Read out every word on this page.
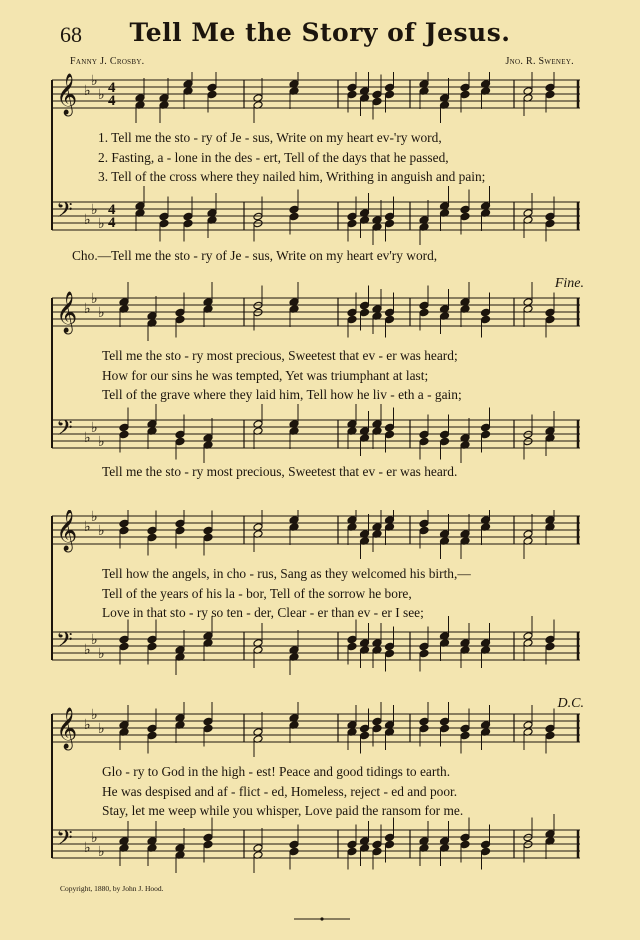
68	Tell Me the Story of Jesus.
Fanny J. Crosby.	Jno. R. Sweney.
𝄞 ♭
♭
♭ 4
4
𝄢 ♭
♭
♭
4
4
1. Tell me the sto - ry of Je - sus, Write on my heart ev-'ry word,
2. Fasting, a - lone in the des - ert, Tell of the days that he passed,
3. Tell of the cross where they nailed him, Writhing in anguish and pain;
Cho.—Tell me the sto - ry of Je - sus, Write on my heart ev'ry word,
𝄞 ♭
♭
♭
𝄢 ♭
♭
♭
Fine.
Tell me the sto - ry most precious, Sweetest that ev - er was heard;
How for our sins he was tempted, Yet was triumphant at last;
Tell of the grave where they laid him, Tell how he liv - eth a - gain;
Tell me the sto - ry most precious, Sweetest that ev - er was heard.
𝄞 ♭
♭
♭
𝄢 ♭
♭
♭
Tell how the angels, in cho - rus, Sang as they welcomed his birth,—
Tell of the years of his la - bor, Tell of the sorrow he bore,
Love in that sto - ry so ten - der, Clear - er than ev - er I see;
𝄞 ♭
♭
♭
𝄢 ♭
♭
♭
D.C.
Glo - ry to God in the high - est! Peace and good tidings to earth.
He was despised and af - flict - ed, Homeless, reject - ed and poor.
Stay, let me weep while you whisper, Love paid the ransom for me.
Copyright, 1880, by John J. Hood.
